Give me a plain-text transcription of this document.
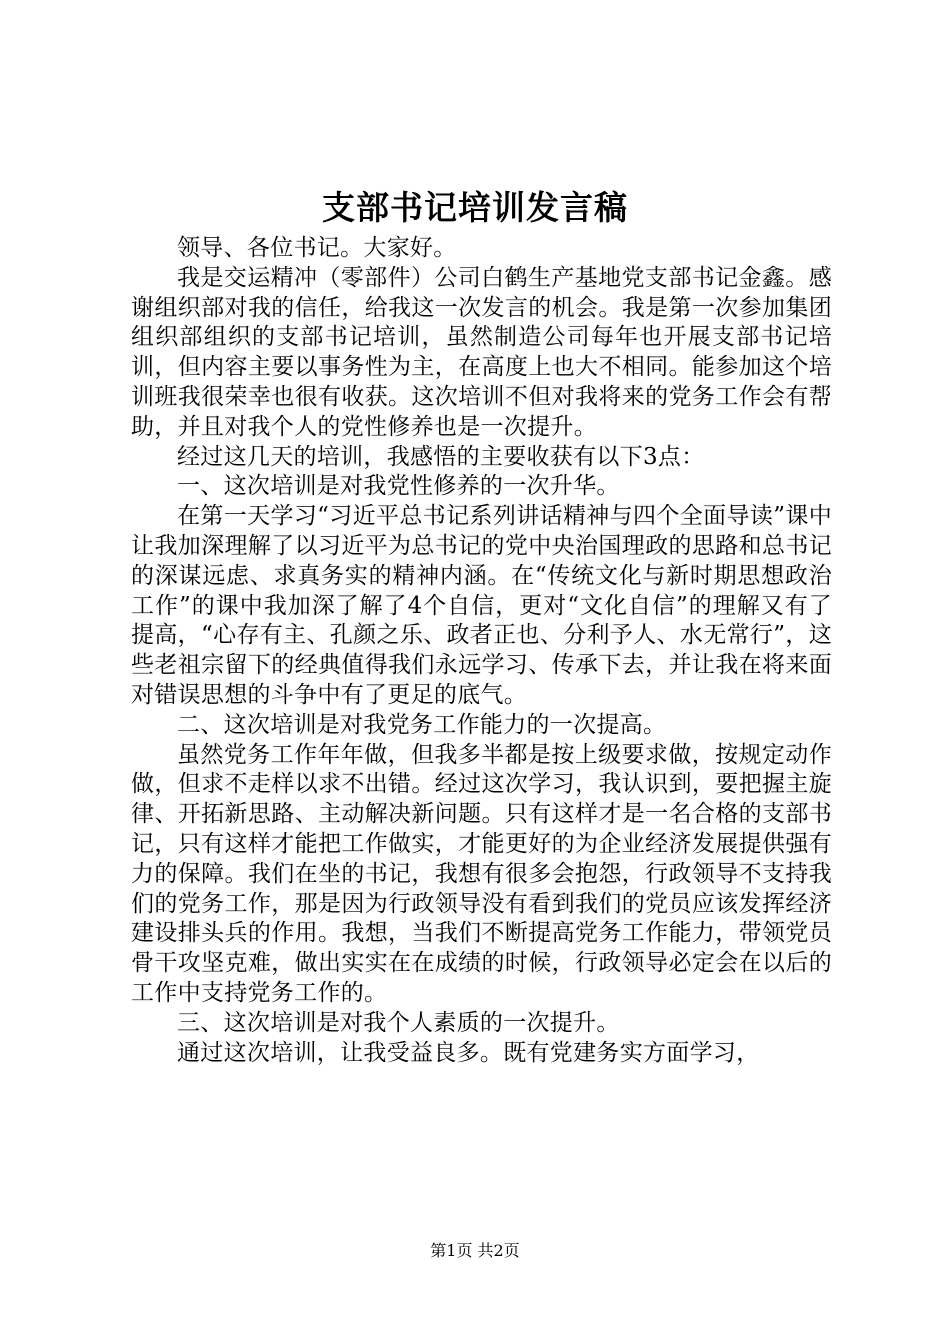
支部书记培训发言稿

领导、各位书记。大家好。

我是交运精冲（零部件）公司白鹤生产基地党支部书记金鑫。感谢组织部对我的信任，给我这一次发言的机会。我是第一次参加集团组织部组织的支部书记培训，虽然制造公司每年也开展支部书记培训，但内容主要以事务性为主，在高度上也大不相同。能参加这个培训班我很荣幸也很有收获。这次培训不但对我将来的党务工作会有帮助，并且对我个人的党性修养也是一次提升。

经过这几天的培训，我感悟的主要收获有以下3点：

一、这次培训是对我党性修养的一次升华。

在第一天学习“习近平总书记系列讲话精神与四个全面导读”课中让我加深理解了以习近平为总书记的党中央治国理政的思路和总书记的深谋远虑、求真务实的精神内涵。在“传统文化与新时期思想政治工作”的课中我加深了解了4个自信，更对“文化自信”的理解又有了提高，“心存有主、孔颜之乐、政者正也、分利予人、水无常行”，这些老祖宗留下的经典值得我们永远学习、传承下去，并让我在将来面对错误思想的斗争中有了更足的底气。

二、这次培训是对我党务工作能力的一次提高。

虽然党务工作年年做，但我多半都是按上级要求做，按规定动作做，但求不走样以求不出错。经过这次学习，我认识到，要把握主旋律、开拓新思路、主动解决新问题。只有这样才是一名合格的支部书记，只有这样才能把工作做实，才能更好的为企业经济发展提供强有力的保障。我们在坐的书记，我想有很多会抱怨，行政领导不支持我们的党务工作，那是因为行政领导没有看到我们的党员应该发挥经济建设排头兵的作用。我想，当我们不断提高党务工作能力，带领党员骨干攻坚克难，做出实实在在成绩的时候，行政领导必定会在以后的工作中支持党务工作的。

三、这次培训是对我个人素质的一次提升。

通过这次培训，让我受益良多。既有党建务实方面学习，

第1页 共2页
